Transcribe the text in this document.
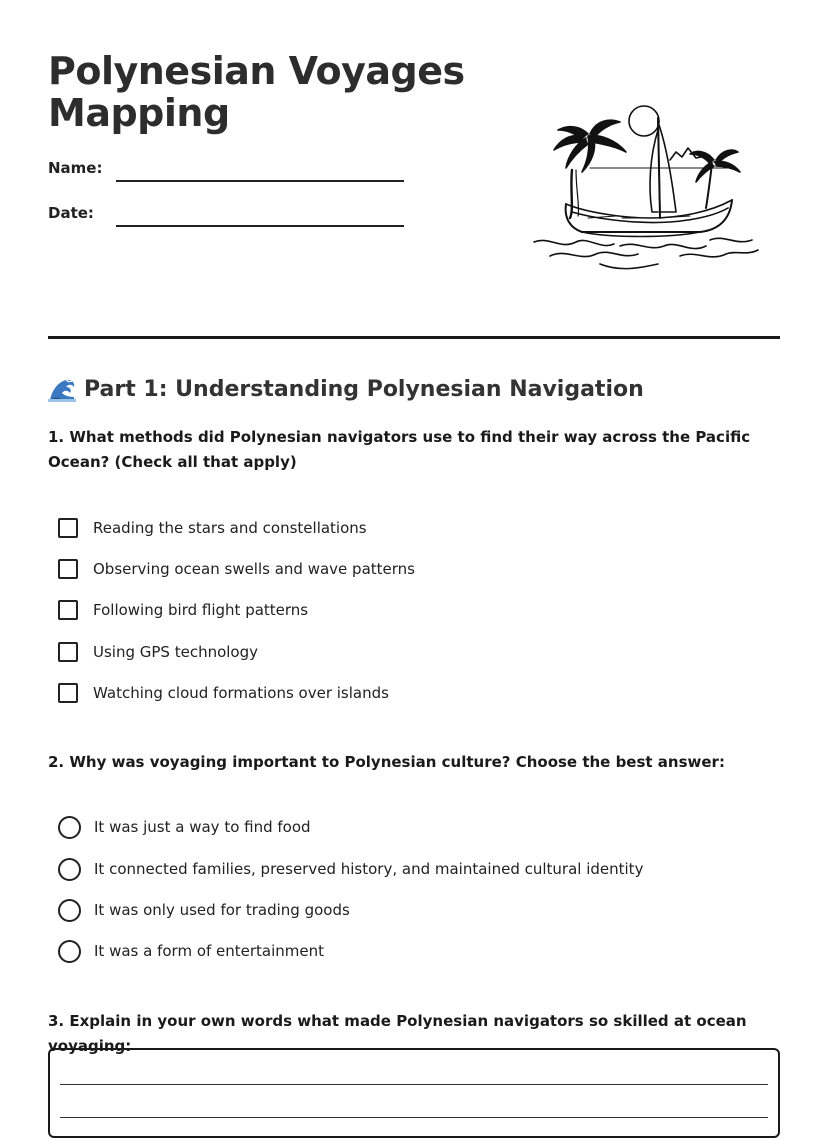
Polynesian Voyages Mapping
Name:
Date:
Part 1: Understanding Polynesian Navigation
1. What methods did Polynesian navigators use to find their way across the Pacific Ocean? (Check all that apply)
Reading the stars and constellations
Observing ocean swells and wave patterns
Following bird flight patterns
Using GPS technology
Watching cloud formations over islands
2. Why was voyaging important to Polynesian culture? Choose the best answer:
It was just a way to find food
It connected families, preserved history, and maintained cultural identity
It was only used for trading goods
It was a form of entertainment
3. Explain in your own words what made Polynesian navigators so skilled at ocean voyaging:
